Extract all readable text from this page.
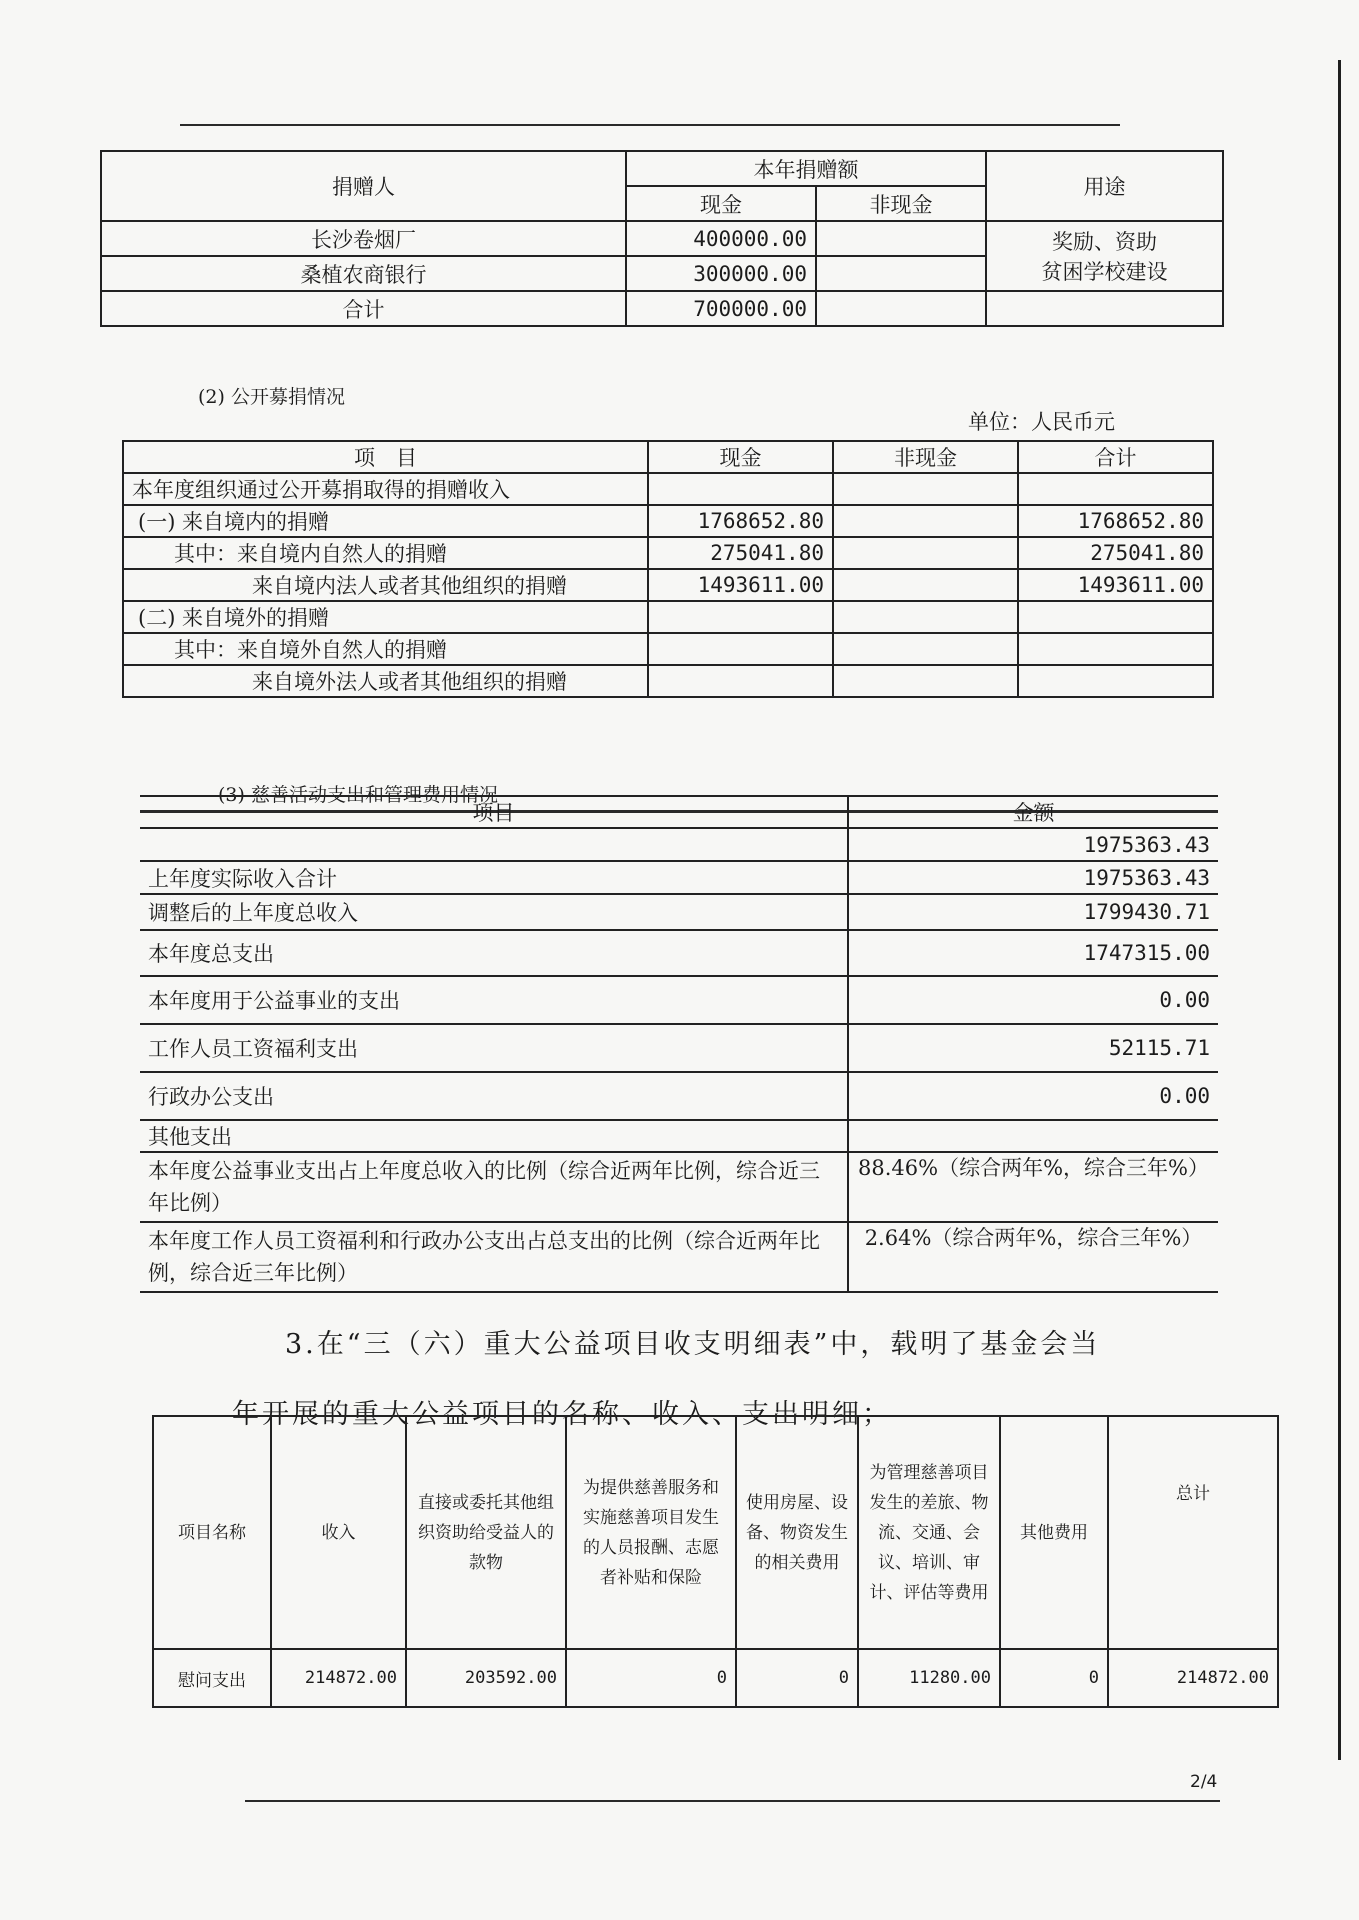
捐赠人	本年捐赠额		用途
	现金	非现金	
长沙卷烟厂	400000.00		奖励、资助
贫困学校建设

桑植农商银行	300000.00		
合计	700000.00		
(2) 公开募捐情况
单位：人民币元
项　目	现金	非现金	合计
本年度组织通过公开募捐取得的捐赠收入			
(一) 来自境内的捐赠	1768652.80		1768652.80
其中：来自境内自然人的捐赠	275041.80		275041.80
来自境内法人或者其他组织的捐赠	1493611.00		1493611.00
(二) 来自境外的捐赠			
其中：来自境外自然人的捐赠			
来自境外法人或者其他组织的捐赠			
(3) 慈善活动支出和管理费用情况
项目	金额
	1975363.43
上年度实际收入合计	1975363.43
调整后的上年度总收入	1799430.71
本年度总支出	1747315.00
本年度用于公益事业的支出	0.00
工作人员工资福利支出	52115.71
行政办公支出	0.00
其他支出	
本年度公益事业支出占上年度总收入的比例（综合近两年比例，综合近三年比例）	88.46%（综合两年%，综合三年%）
本年度工作人员工资福利和行政办公支出占总支出的比例（综合近两年比例，综合近三年比例）	2.64%（综合两年%，综合三年%）
3.在“三（六）重大公益项目收支明细表”中，载明了基金会当
年开展的重大公益项目的名称、收入、支出明细；
项目名称	收入	直接或委托其他组织资助给受益人的款物	为提供慈善服务和实施慈善项目发生的人员报酬、志愿者补贴和保险	使用房屋、设备、物资发生的相关费用	为管理慈善项目发生的差旅、物流、交通、会议、培训、审计、评估等费用	其他费用	总计
慰问支出	214872.00	203592.00	0	0	11280.00	0	214872.00
2/4
